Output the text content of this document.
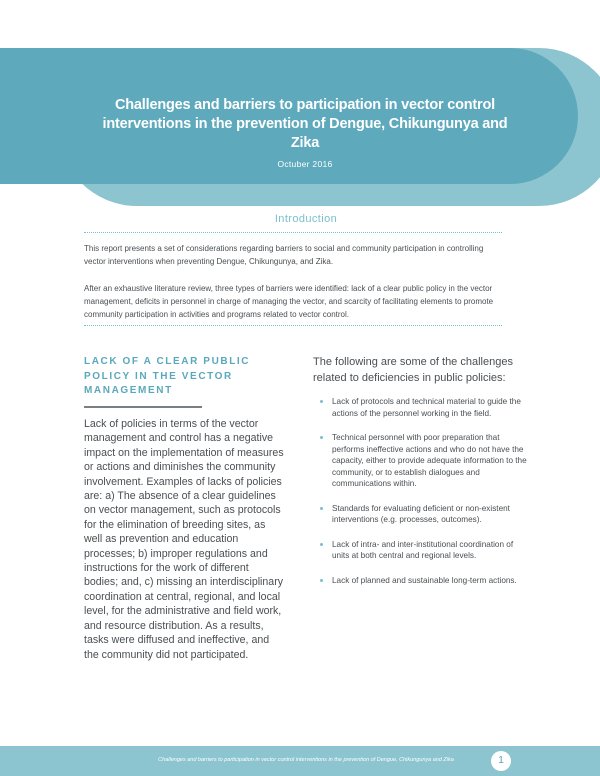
Challenges and barriers to participation in vector control interventions in the prevention of Dengue, Chikungunya and Zika
Octuber 2016
Introduction

This report presents a set of considerations regarding barriers to social and community participation in controlling vector interventions when preventing Dengue, Chikungunya, and Zika.

After an exhaustive literature review, three types of barriers were identified: lack of a clear public policy in the vector management, deficits in personnel in charge of managing the vector, and scarcity of facilitating elements to promote community participation in activities and programs related to vector control.

LACK OF A CLEAR PUBLIC POLICY IN THE VECTOR MANAGEMENT

Lack of policies in terms of the vector management and control has a negative impact on the implementation of measures or actions and diminishes the community involvement. Examples of lacks of policies are: a) The absence of a clear guidelines on vector management, such as protocols for the elimination of breeding sites, as well as prevention and education processes; b) improper regulations and instructions for the work of different bodies; and, c) missing an interdisciplinary coordination at central, regional, and local level, for the administrative and field work, and resource distribution. As a results, tasks were diffused and ineffective, and the community did not participated.

The following are some of the challenges related to deficiencies in public policies:

Lack of protocols and technical material to guide the actions of the personnel working in the field.
Technical personnel with poor preparation that performs ineffective actions and who do not have the capacity, either to provide adequate information to the community, or to establish dialogues and communications within.
Standards for evaluating deficient or non-existent interventions (e.g. processes, outcomes).
Lack of intra- and inter-institutional coordination of units at both central and regional levels.
Lack of planned and sustainable long-term actions.
Challenges and barriers to participation in vector control interventions in the prevention of Dengue, Chikungunya and Zika	1
